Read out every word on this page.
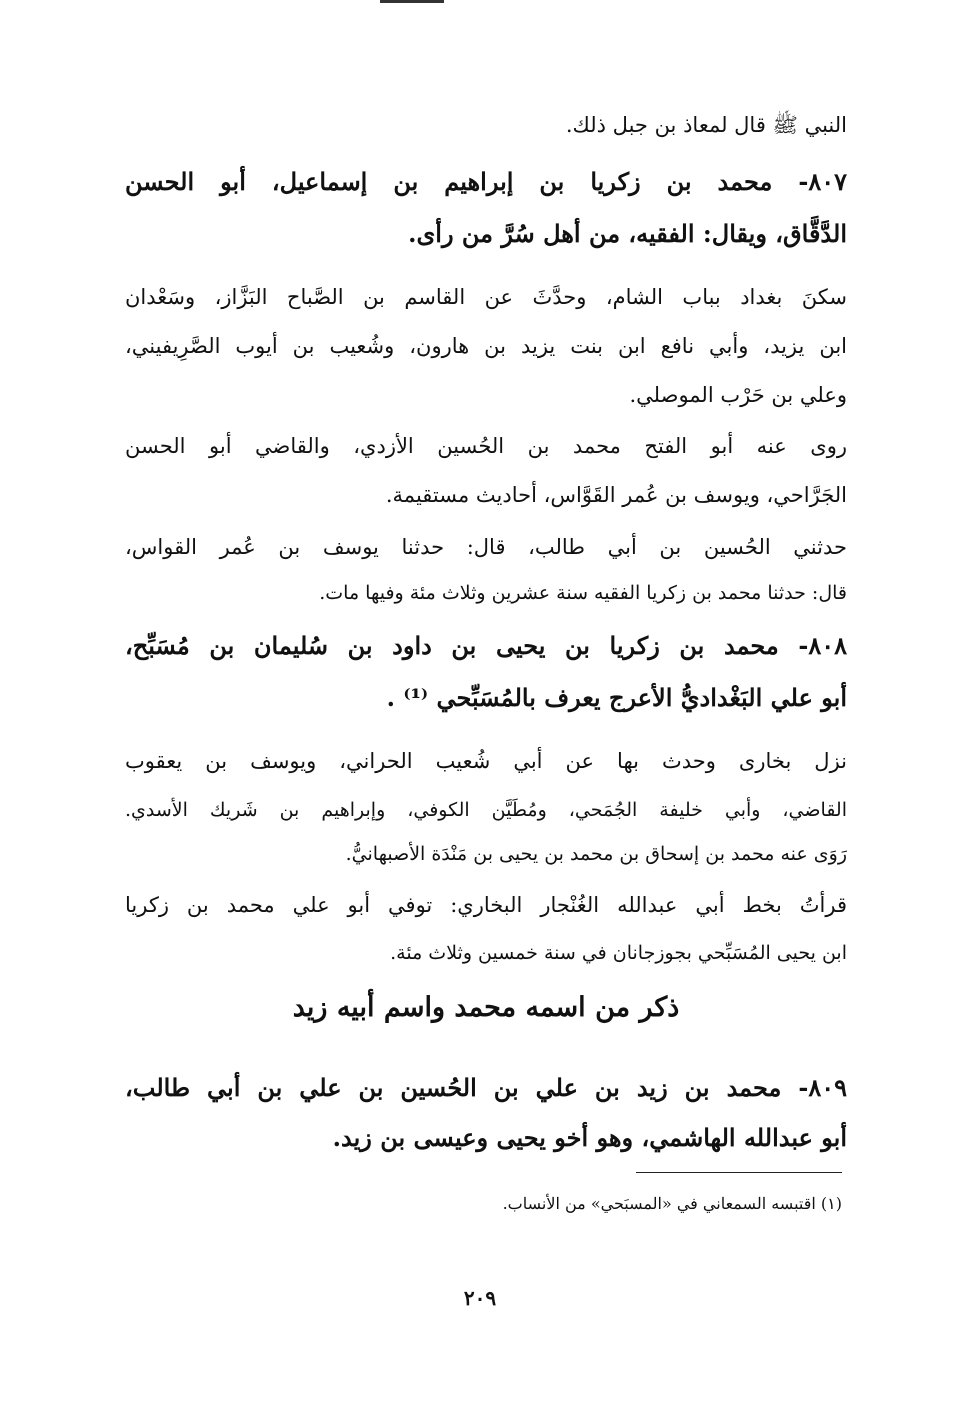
النبي ﷺ قال لمعاذ بن جبل ذلك.
٨٠٧- محمد بن زكريا بن إبراهيم بن إسماعيل، أبو الحسن
الدَّقَّاق، ويقال: الفقيه، من أهل سُرَّ من رأى.
سكنَ بغداد بباب الشام، وحدَّثَ عن القاسم بن الصَّباح البَزَّاز، وسَعْدان
ابن يزيد، وأبي نافع ابن بنت يزيد بن هارون، وشُعيب بن أيوب الصَّرِيفيني،
وعلي بن حَرْب الموصلي.
روى عنه أبو الفتح محمد بن الحُسين الأزدي، والقاضي أبو الحسن
الجَرَّاحي، ويوسف بن عُمر القَوَّاس، أحاديث مستقيمة.
حدثني الحُسين بن أبي طالب، قال: حدثنا يوسف بن عُمر القواس،
قال: حدثنا محمد بن زكريا الفقيه سنة عشرين وثلاث مئة وفيها مات.
٨٠٨- محمد بن زكريا بن يحيى بن داود بن سُليمان بن مُسَبِّح،
أبو علي البَغْداديُّ الأعرج يعرف بالمُسَبِّحي ⁽¹⁾ .
نزل بخارى وحدث بها عن أبي شُعيب الحراني، ويوسف بن يعقوب
القاضي، وأبي خليفة الجُمَحي، ومُطَيَّن الكوفي، وإبراهيم بن شَريك الأسدي.
رَوَى عنه محمد بن إسحاق بن محمد بن يحيى بن مَنْدَة الأصبهانيُّ.
قرأتُ بخط أبي عبدالله الغُنْجار البخاري: توفي أبو علي محمد بن زكريا
ابن يحيى المُسَبِّحي بجوزجانان في سنة خمسين وثلاث مئة.
ذكر من اسمه محمد واسم أبيه زيد
٨٠٩- محمد بن زيد بن علي بن الحُسين بن علي بن أبي طالب،
أبو عبدالله الهاشمي، وهو أخو يحيى وعيسى بن زيد.
(١) اقتبسه السمعاني في «المسبَحي» من الأنساب.
٢٠٩
